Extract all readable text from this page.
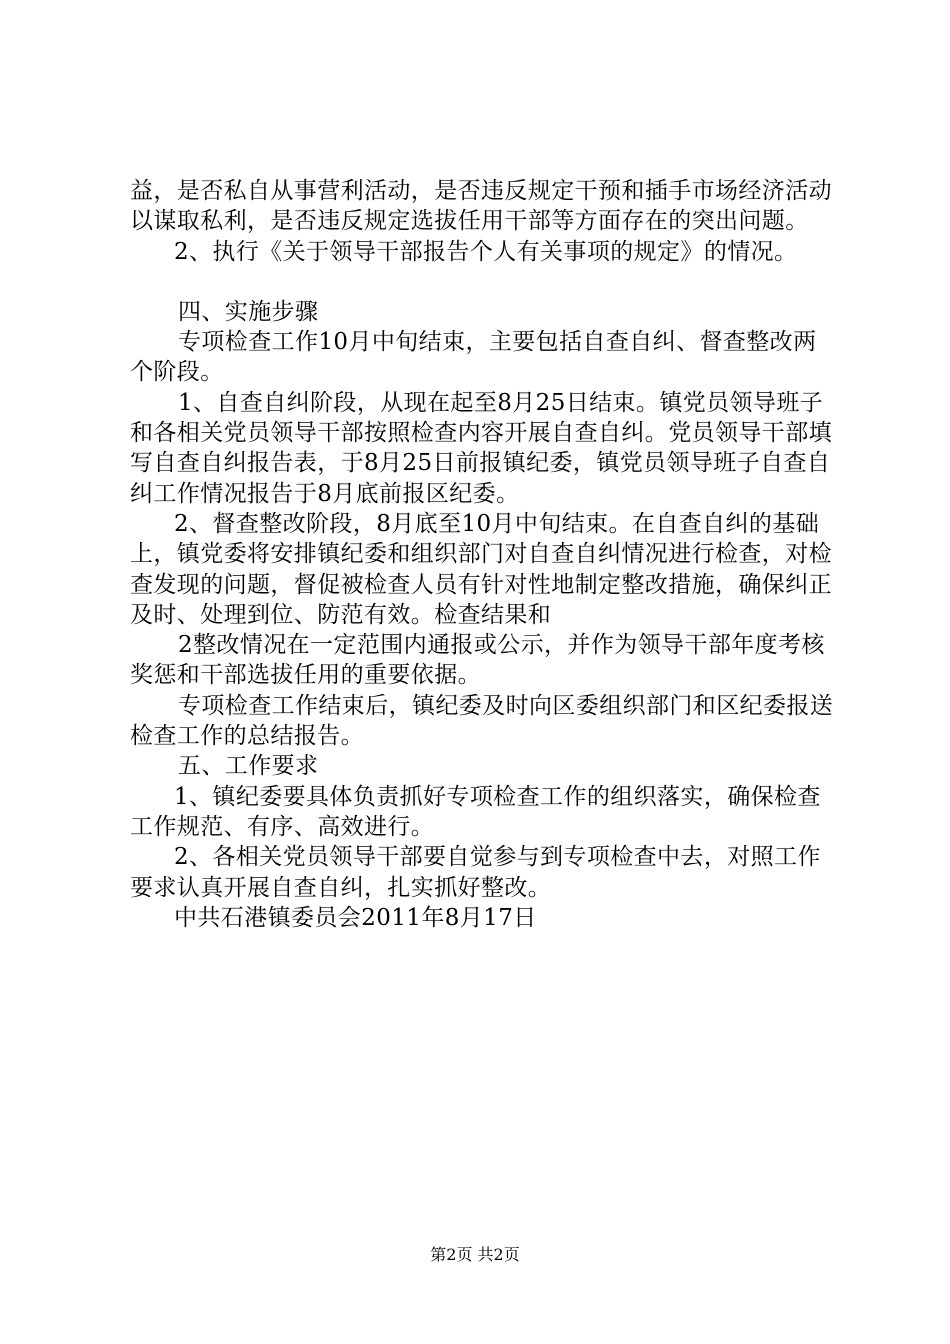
益，是否私自从事营利活动，是否违反规定干预和插手市场经济活动以谋取私利，是否违反规定选拔任用干部等方面存在的突出问题。

2、执行《关于领导干部报告个人有关事项的规定》的情况。

四、实施步骤

专项检查工作10月中旬结束，主要包括自查自纠、督查整改两个阶段。

1、自查自纠阶段，从现在起至8月25日结束。镇党员领导班子和各相关党员领导干部按照检查内容开展自查自纠。党员领导干部填写自查自纠报告表，于8月25日前报镇纪委，镇党员领导班子自查自纠工作情况报告于8月底前报区纪委。

2、督查整改阶段，8月底至10月中旬结束。在自查自纠的基础上，镇党委将安排镇纪委和组织部门对自查自纠情况进行检查，对检查发现的问题，督促被检查人员有针对性地制定整改措施，确保纠正及时、处理到位、防范有效。检查结果和

2整改情况在一定范围内通报或公示，并作为领导干部年度考核奖惩和干部选拔任用的重要依据。

专项检查工作结束后，镇纪委及时向区委组织部门和区纪委报送检查工作的总结报告。

五、工作要求

1、镇纪委要具体负责抓好专项检查工作的组织落实，确保检查工作规范、有序、高效进行。

2、各相关党员领导干部要自觉参与到专项检查中去，对照工作要求认真开展自查自纠，扎实抓好整改。

中共石港镇委员会2011年8月17日

第2页 共2页
